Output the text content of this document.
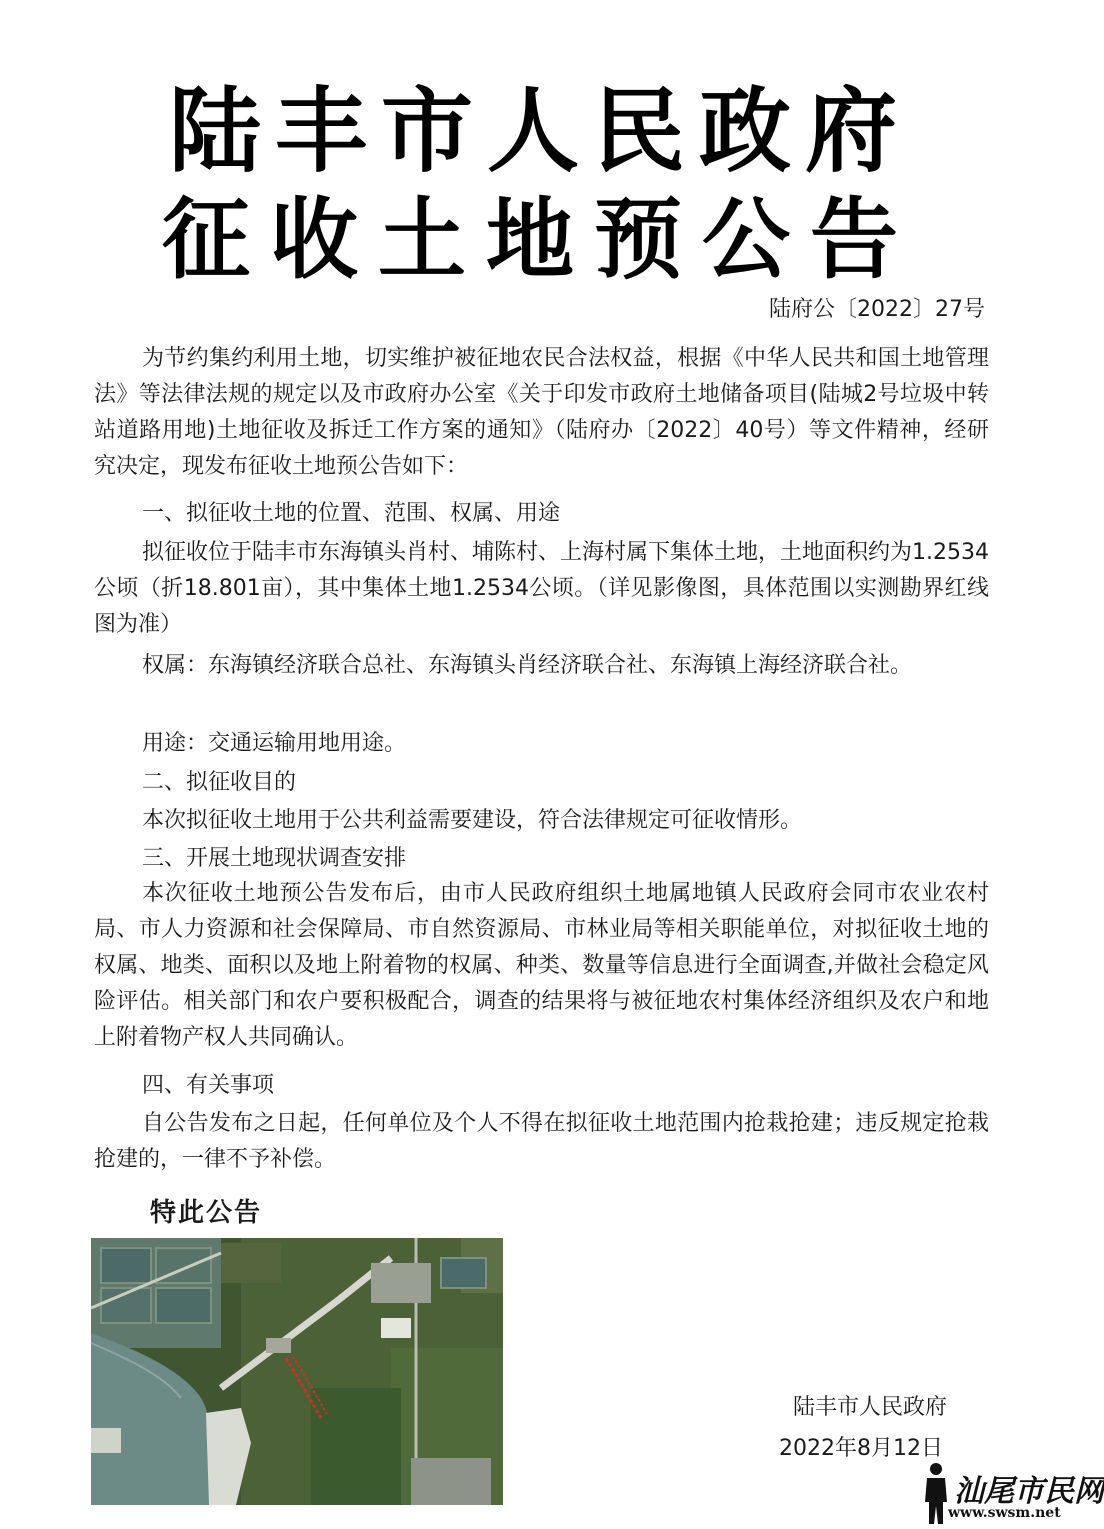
陆丰市人民政府
征收土地预公告
陆府公〔2022〕27号

为节约集约利用土地，切实维护被征地农民合法权益，根据《中华人民共和国土地管理法》等法律法规的规定以及市政府办公室《关于印发市政府土地储备项目(陆城2号垃圾中转站道路用地)土地征收及拆迁工作方案的通知》（陆府办〔2022〕40号）等文件精神，经研究决定，现发布征收土地预公告如下：

一、拟征收土地的位置、范围、权属、用途

拟征收位于陆丰市东海镇头肖村、埔陈村、上海村属下集体土地，土地面积约为1.2534公顷（折18.801亩），其中集体土地1.2534公顷。（详见影像图，具体范围以实测勘界红线图为准）

权属：东海镇经济联合总社、东海镇头肖经济联合社、东海镇上海经济联合社。

用途：交通运输用地用途。

二、拟征收目的

本次拟征收土地用于公共利益需要建设，符合法律规定可征收情形。

三、开展土地现状调查安排

本次征收土地预公告发布后，由市人民政府组织土地属地镇人民政府会同市农业农村局、市人力资源和社会保障局、市自然资源局、市林业局等相关职能单位，对拟征收土地的权属、地类、面积以及地上附着物的权属、种类、数量等信息进行全面调查,并做社会稳定风险评估。相关部门和农户要积极配合，调查的结果将与被征地农村集体经济组织及农户和地上附着物产权人共同确认。

四、有关事项

自公告发布之日起，任何单位及个人不得在拟征收土地范围内抢栽抢建；违反规定抢栽抢建的，一律不予补偿。

特此公告
陆丰市人民政府
2022年8月12日
汕尾市民网
www.swsm.net
